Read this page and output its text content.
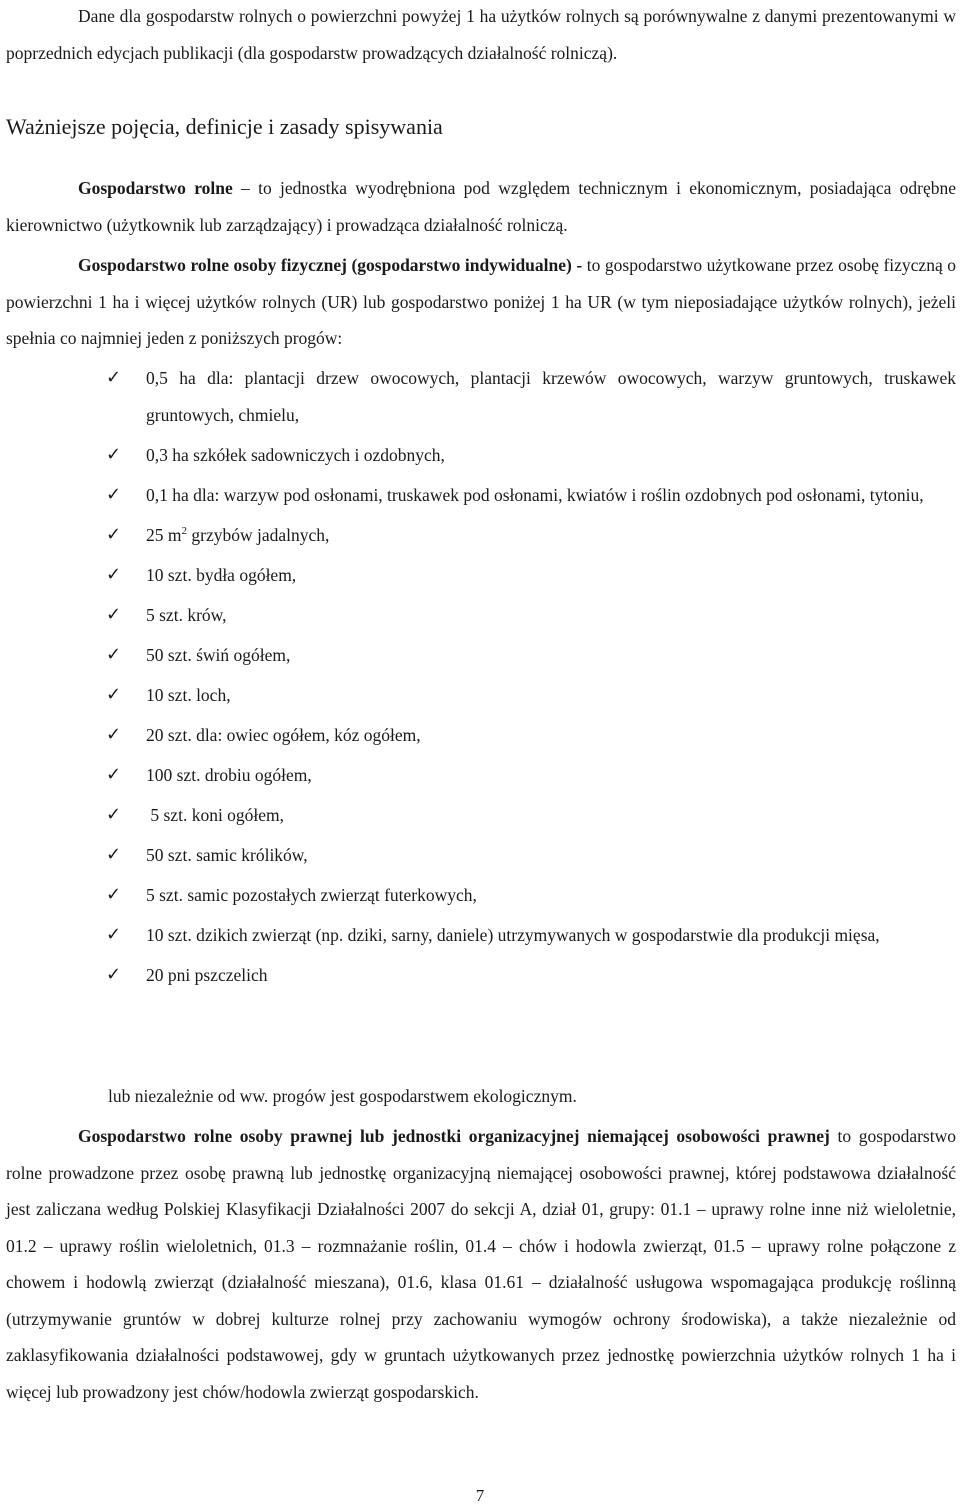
Dane dla gospodarstw rolnych o powierzchni powyżej 1 ha użytków rolnych są porównywalne z danymi prezentowanymi w poprzednich edycjach publikacji (dla gospodarstw prowadzących działalność rolniczą).

Ważniejsze pojęcia, definicje i zasady spisywania

Gospodarstwo rolne – to jednostka wyodrębniona pod względem technicznym i ekonomicznym, posiadająca odrębne kierownictwo (użytkownik lub zarządzający) i prowadząca działalność rolniczą.

Gospodarstwo rolne osoby fizycznej (gospodarstwo indywidualne) - to gospodarstwo użytkowane przez osobę fizyczną o powierzchni 1 ha i więcej użytków rolnych (UR) lub gospodarstwo poniżej 1 ha UR (w tym nieposiadające użytków rolnych), jeżeli spełnia co najmniej jeden z poniższych progów:

✓ 0,5 ha dla: plantacji drzew owocowych, plantacji krzewów owocowych, warzyw gruntowych, truskawek gruntowych, chmielu,
✓ 0,3 ha szkółek sadowniczych i ozdobnych,
✓ 0,1 ha dla: warzyw pod osłonami, truskawek pod osłonami, kwiatów i roślin ozdobnych pod osłonami, tytoniu,
✓ 25 $m^2$ grzybów jadalnych,
✓ 10 szt. bydła ogółem,
✓ 5 szt. krów,
✓ 50 szt. świń ogółem,
✓ 10 szt. loch,
✓ 20 szt. dla: owiec ogółem, kóz ogółem,
✓ 100 szt. drobiu ogółem,
✓ 5 szt. koni ogółem,
✓ 50 szt. samic królików,
✓ 5 szt. samic pozostałych zwierząt futerkowych,
✓ 10 szt. dzikich zwierząt (np. dziki, sarny, daniele) utrzymywanych w gospodarstwie dla produkcji mięsa,
✓ 20 pni pszczelich

lub niezależnie od ww. progów jest gospodarstwem ekologicznym.

Gospodarstwo rolne osoby prawnej lub jednostki organizacyjnej niemającej osobowości prawnej to gospodarstwo rolne prowadzone przez osobę prawną lub jednostkę organizacyjną niemającej osobowości prawnej, której podstawowa działalność jest zaliczana według Polskiej Klasyfikacji Działalności 2007 do sekcji A, dział 01, grupy: 01.1 – uprawy rolne inne niż wieloletnie, 01.2 – uprawy roślin wieloletnich, 01.3 – rozmnażanie roślin, 01.4 – chów i hodowla zwierząt, 01.5 – uprawy rolne połączone z chowem i hodowlą zwierząt (działalność mieszana), 01.6, klasa 01.61 – działalność usługowa wspomagająca produkcję roślinną (utrzymywanie gruntów w dobrej kulturze rolnej przy zachowaniu wymogów ochrony środowiska), a także niezależnie od zaklasyfikowania działalności podstawowej, gdy w gruntach użytkowanych przez jednostkę powierzchnia użytków rolnych 1 ha i więcej lub prowadzony jest chów/hodowla zwierząt gospodarskich.

7
